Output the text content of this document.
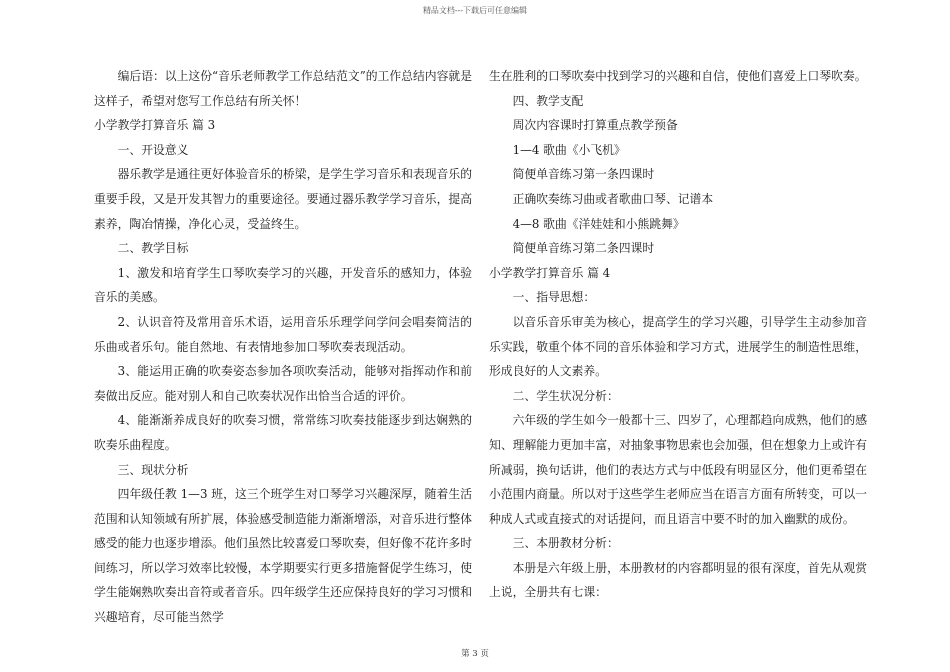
精品文档---下载后可任意编辑

编后语：以上这份“音乐老师教学工作总结范文”的工作总结内容就是这样子，希望对您写工作总结有所关怀！

小学教学打算音乐 篇 3

一、开设意义

器乐教学是通往更好体验音乐的桥梁，是学生学习音乐和表现音乐的重要手段，又是开发其智力的重要途径。要通过器乐教学学习音乐，提高素养，陶冶情操，净化心灵，受益终生。

二、教学目标

1、激发和培育学生口琴吹奏学习的兴趣，开发音乐的感知力，体验音乐的美感。

2、认识音符及常用音乐术语，运用音乐乐理学问学问会唱奏简洁的乐曲或者乐句。能自然地、有表情地参加口琴吹奏表现活动。

3、能运用正确的吹奏姿态参加各项吹奏活动，能够对指挥动作和前奏做出反应。能对别人和自己吹奏状况作出恰当合适的评价。

4、能渐渐养成良好的吹奏习惯，常常练习吹奏技能逐步到达娴熟的吹奏乐曲程度。

三、现状分析

四年级任教 1—3 班，这三个班学生对口琴学习兴趣深厚，随着生活范围和认知领域有所扩展，体验感受制造能力渐渐增添，对音乐进行整体感受的能力也逐步增添。他们虽然比较喜爱口琴吹奏，但好像不花许多时间练习，所以学习效率比较慢，本学期要实行更多措施督促学生练习，使学生能娴熟吹奏出音符或者音乐。四年级学生还应保持良好的学习习惯和兴趣培育，尽可能当然学

生在胜利的口琴吹奏中找到学习的兴趣和自信，使他们喜爱上口琴吹奏。

四、教学支配

周次内容课时打算重点教学预备

1—4 歌曲《小飞机》

简便单音练习第一条四课时

正确吹奏练习曲或者歌曲口琴、记谱本

4—8 歌曲《洋娃娃和小熊跳舞》

简便单音练习第二条四课时

小学教学打算音乐 篇 4

一、指导思想：

以音乐音乐审美为核心，提高学生的学习兴趣，引导学生主动参加音乐实践，敬重个体不同的音乐体验和学习方式，进展学生的制造性思维，形成良好的人文素养。

二、学生状况分析：

六年级的学生如今一般都十三、四岁了，心理都趋向成熟，他们的感知、理解能力更加丰富，对抽象事物思索也会加强，但在想象力上或许有所减弱，换句话讲，他们的表达方式与中低段有明显区分，他们更希望在小范围内商量。所以对于这些学生老师应当在语言方面有所转变，可以一种成人式或直接式的对话提问，而且语言中要不时的加入幽默的成份。

三、本册教材分析：

本册是六年级上册，本册教材的内容都明显的很有深度，首先从观赏上说，全册共有七课：

第 3 页
